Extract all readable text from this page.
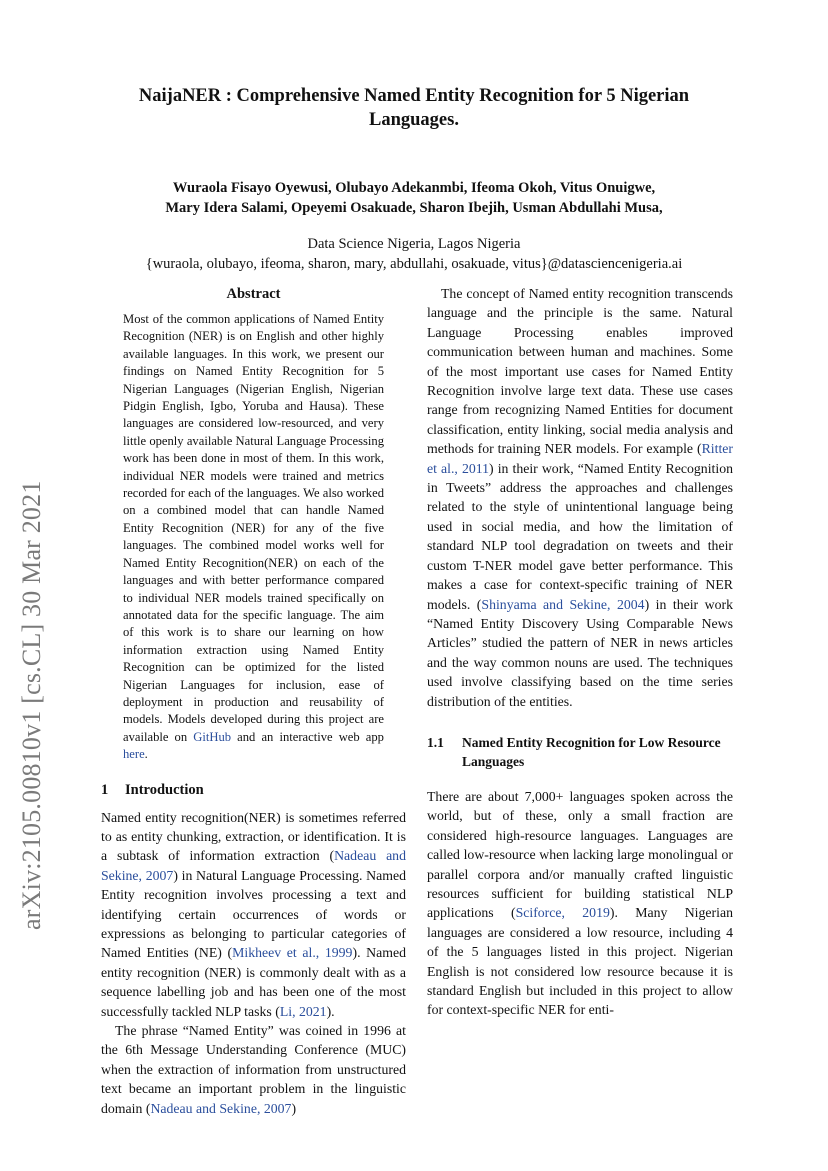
arXiv:2105.00810v1 [cs.CL] 30 Mar 2021
NaijaNER : Comprehensive Named Entity Recognition for 5 Nigerian
Languages.
Wuraola Fisayo Oyewusi, Olubayo Adekanmbi, Ifeoma Okoh, Vitus Onuigwe,
Mary Idera Salami, Opeyemi Osakuade, Sharon Ibejih, Usman Abdullahi Musa,
Data Science Nigeria, Lagos Nigeria
{wuraola, olubayo, ifeoma, sharon, mary, abdullahi, osakuade, vitus}@datasciencenigeria.ai
Abstract

Most of the common applications of Named Entity Recognition (NER) is on English and other highly available languages. In this work, we present our findings on Named Entity Recognition for 5 Nigerian Languages (Nigerian English, Nigerian Pidgin English, Igbo, Yoruba and Hausa). These languages are considered low-resourced, and very little openly available Natural Language Processing work has been done in most of them. In this work, individual NER models were trained and metrics recorded for each of the languages. We also worked on a combined model that can handle Named Entity Recognition (NER) for any of the five languages. The combined model works well for Named Entity Recognition(NER) on each of the languages and with better performance compared to individual NER models trained specifically on annotated data for the specific language. The aim of this work is to share our learning on how information extraction using Named Entity Recognition can be optimized for the listed Nigerian Languages for inclusion, ease of deployment in production and reusability of models. Models developed during this project are available on GitHub and an interactive web app here.

1 Introduction

Named entity recognition(NER) is sometimes referred to as entity chunking, extraction, or identification. It is a subtask of information extraction (Nadeau and Sekine, 2007) in Natural Language Processing. Named Entity recognition involves processing a text and identifying certain occurrences of words or expressions as belonging to particular categories of Named Entities (NE) (Mikheev et al., 1999). Named entity recognition (NER) is commonly dealt with as a sequence labelling job and has been one of the most successfully tackled NLP tasks (Li, 2021).

The phrase “Named Entity” was coined in 1996 at the 6th Message Understanding Conference (MUC) when the extraction of information from unstructured text became an important problem in the linguistic domain (Nadeau and Sekine, 2007)

The concept of Named entity recognition transcends language and the principle is the same. Natural Language Processing enables improved communication between human and machines. Some of the most important use cases for Named Entity Recognition involve large text data. These use cases range from recognizing Named Entities for document classification, entity linking, social media analysis and methods for training NER models. For example (Ritter et al., 2011) in their work, “Named Entity Recognition in Tweets” address the approaches and challenges related to the style of unintentional language being used in social media, and how the limitation of standard NLP tool degradation on tweets and their custom T-NER model gave better performance. This makes a case for context-specific training of NER models. (Shinyama and Sekine, 2004) in their work “Named Entity Discovery Using Comparable News Articles” studied the pattern of NER in news articles and the way common nouns are used. The techniques used involve classifying based on the time series distribution of the entities.

1.1	Named Entity Recognition for Low Resource Languages

There are about 7,000+ languages spoken across the world, but of these, only a small fraction are considered high-resource languages. Languages are called low-resource when lacking large monolingual or parallel corpora and/or manually crafted linguistic resources sufficient for building statistical NLP applications (Sciforce, 2019). Many Nigerian languages are considered a low resource, including 4 of the 5 languages listed in this project. Nigerian English is not considered low resource because it is standard English but included in this project to allow for context-specific NER for enti-
